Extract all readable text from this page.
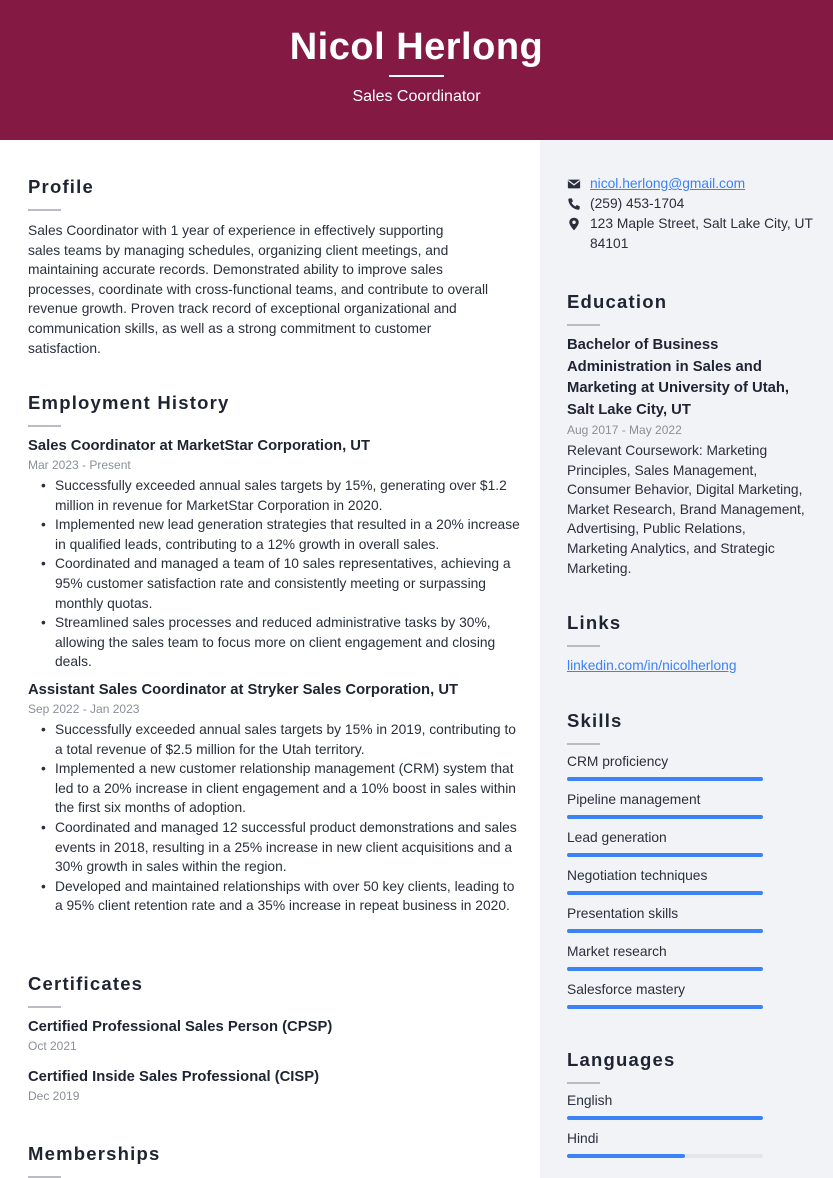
Nicol Herlong
Sales Coordinator
Profile
Sales Coordinator with 1 year of experience in effectively supporting
sales teams by managing schedules, organizing client meetings, and
maintaining accurate records. Demonstrated ability to improve sales
processes, coordinate with cross-functional teams, and contribute to overall
revenue growth. Proven track record of exceptional organizational and
communication skills, as well as a strong commitment to customer
satisfaction.
Employment History
Sales Coordinator at MarketStar Corporation, UT
Mar 2023 - Present
• Successfully exceeded annual sales targets by 15%, generating over $1.2 million in revenue for MarketStar Corporation in 2020.
• Implemented new lead generation strategies that resulted in a 20% increase in qualified leads, contributing to a 12% growth in overall sales.
• Coordinated and managed a team of 10 sales representatives, achieving a 95% customer satisfaction rate and consistently meeting or surpassing monthly quotas.
• Streamlined sales processes and reduced administrative tasks by 30%, allowing the sales team to focus more on client engagement and closing deals.
Assistant Sales Coordinator at Stryker Sales Corporation, UT
Sep 2022 - Jan 2023
• Successfully exceeded annual sales targets by 15% in 2019, contributing to a total revenue of $2.5 million for the Utah territory.
• Implemented a new customer relationship management (CRM) system that led to a 20% increase in client engagement and a 10% boost in sales within the first six months of adoption.
• Coordinated and managed 12 successful product demonstrations and sales events in 2018, resulting in a 25% increase in new client acquisitions and a 30% growth in sales within the region.
• Developed and maintained relationships with over 50 key clients, leading to a 95% client retention rate and a 35% increase in repeat business in 2020.
Certificates
Certified Professional Sales Person (CPSP)
Oct 2021
Certified Inside Sales Professional (CISP)
Dec 2019
Memberships
nicol.herlong@gmail.com
(259) 453-1704
123 Maple Street, Salt Lake City, UT
84101
Education
Bachelor of Business
Administration in Sales and
Marketing at University of Utah,
Salt Lake City, UT
Aug 2017 - May 2022
Relevant Coursework: Marketing
Principles, Sales Management,
Consumer Behavior, Digital Marketing,
Market Research, Brand Management,
Advertising, Public Relations,
Marketing Analytics, and Strategic
Marketing.
Links
linkedin.com/in/nicolherlong
Skills
CRM proficiency
Pipeline management
Lead generation
Negotiation techniques
Presentation skills
Market research
Salesforce mastery
Languages
English
Hindi
